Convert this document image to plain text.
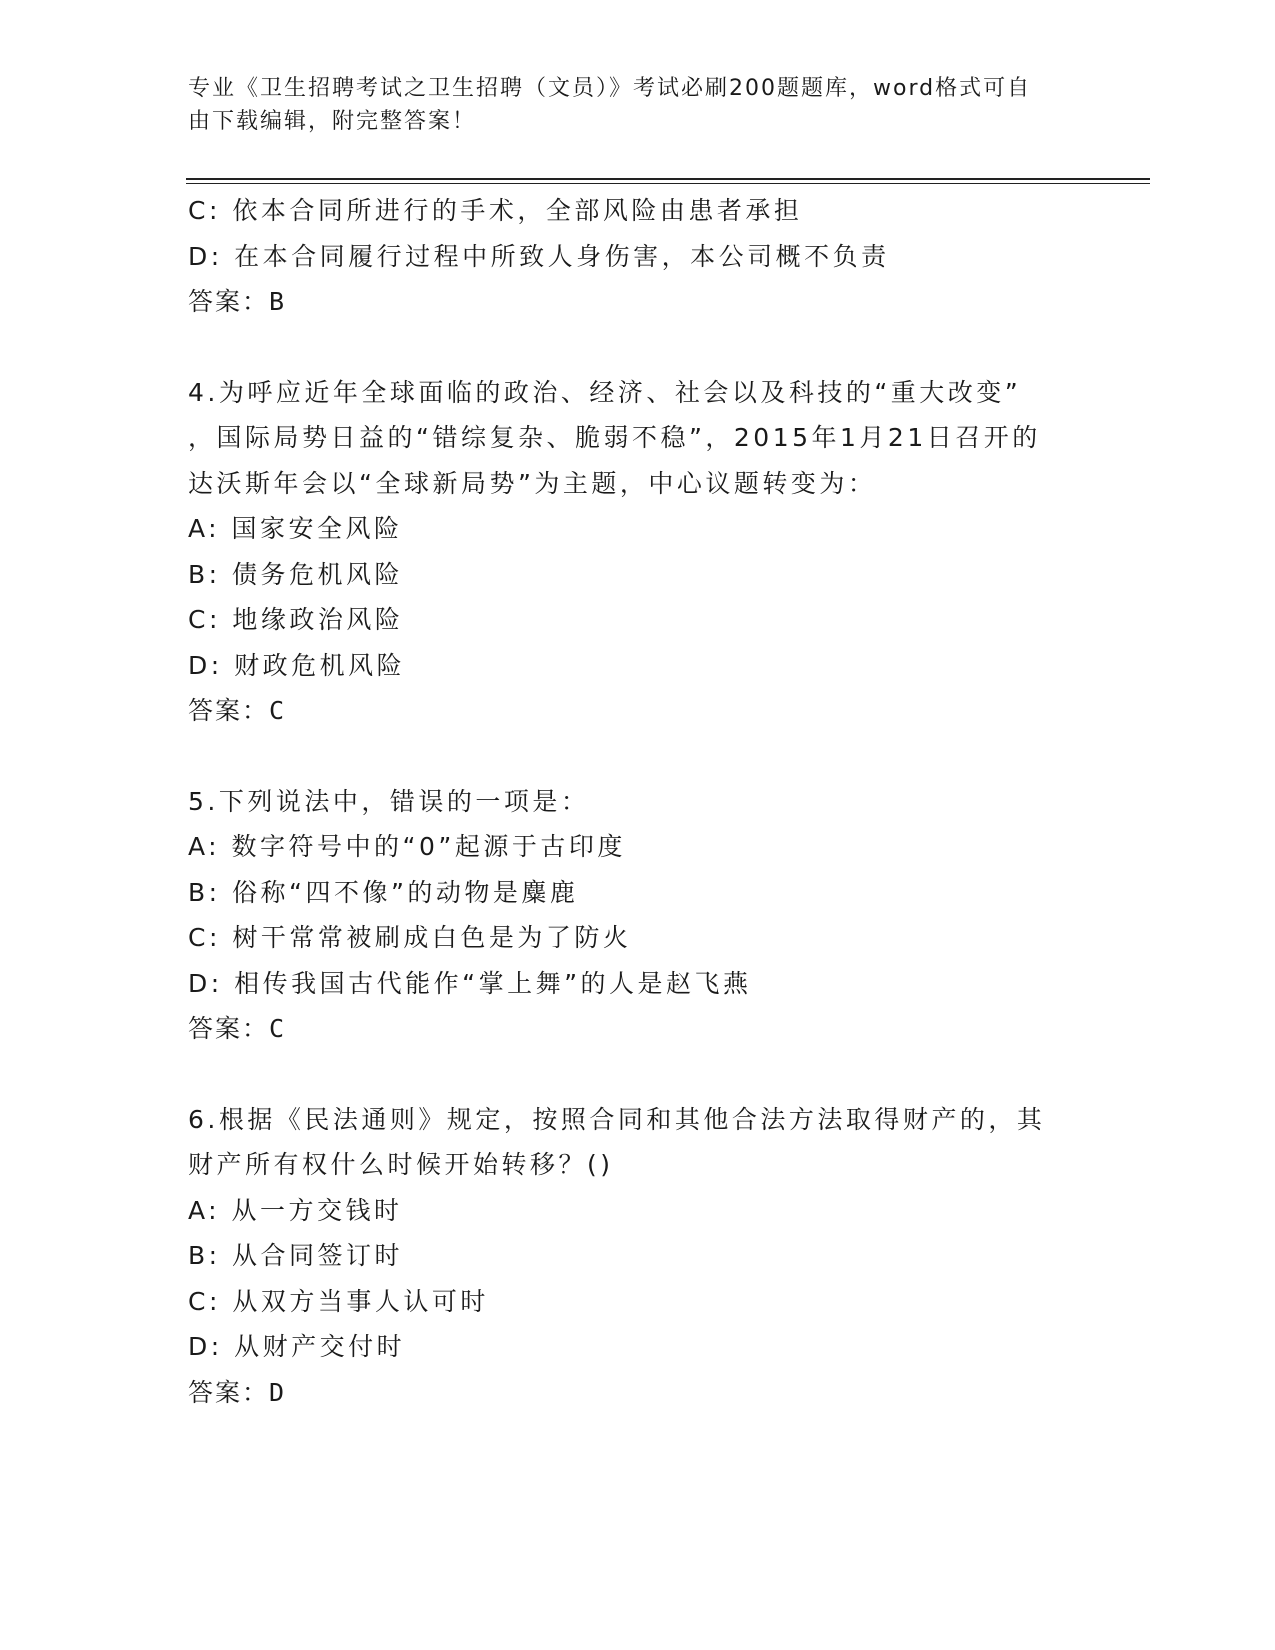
专业《卫生招聘考试之卫生招聘（文员）》考试必刷200题题库，word格式可自
由下载编辑，附完整答案！
C: 依本合同所进行的手术，全部风险由患者承担
D: 在本合同履行过程中所致人身伤害，本公司概不负责
答案：B
4.为呼应近年全球面临的政治、经济、社会以及科技的“重大改变”
，国际局势日益的“错综复杂、脆弱不稳”，2015年1月21日召开的
达沃斯年会以“全球新局势”为主题，中心议题转变为：
A: 国家安全风险
B: 债务危机风险
C: 地缘政治风险
D: 财政危机风险
答案：C
5.下列说法中，错误的一项是：
A: 数字符号中的“0”起源于古印度
B: 俗称“四不像”的动物是麋鹿
C: 树干常常被刷成白色是为了防火
D: 相传我国古代能作“掌上舞”的人是赵飞燕
答案：C
6.根据《民法通则》规定，按照合同和其他合法方法取得财产的，其
财产所有权什么时候开始转移？()
A: 从一方交钱时
B: 从合同签订时
C: 从双方当事人认可时
D: 从财产交付时
答案：D
